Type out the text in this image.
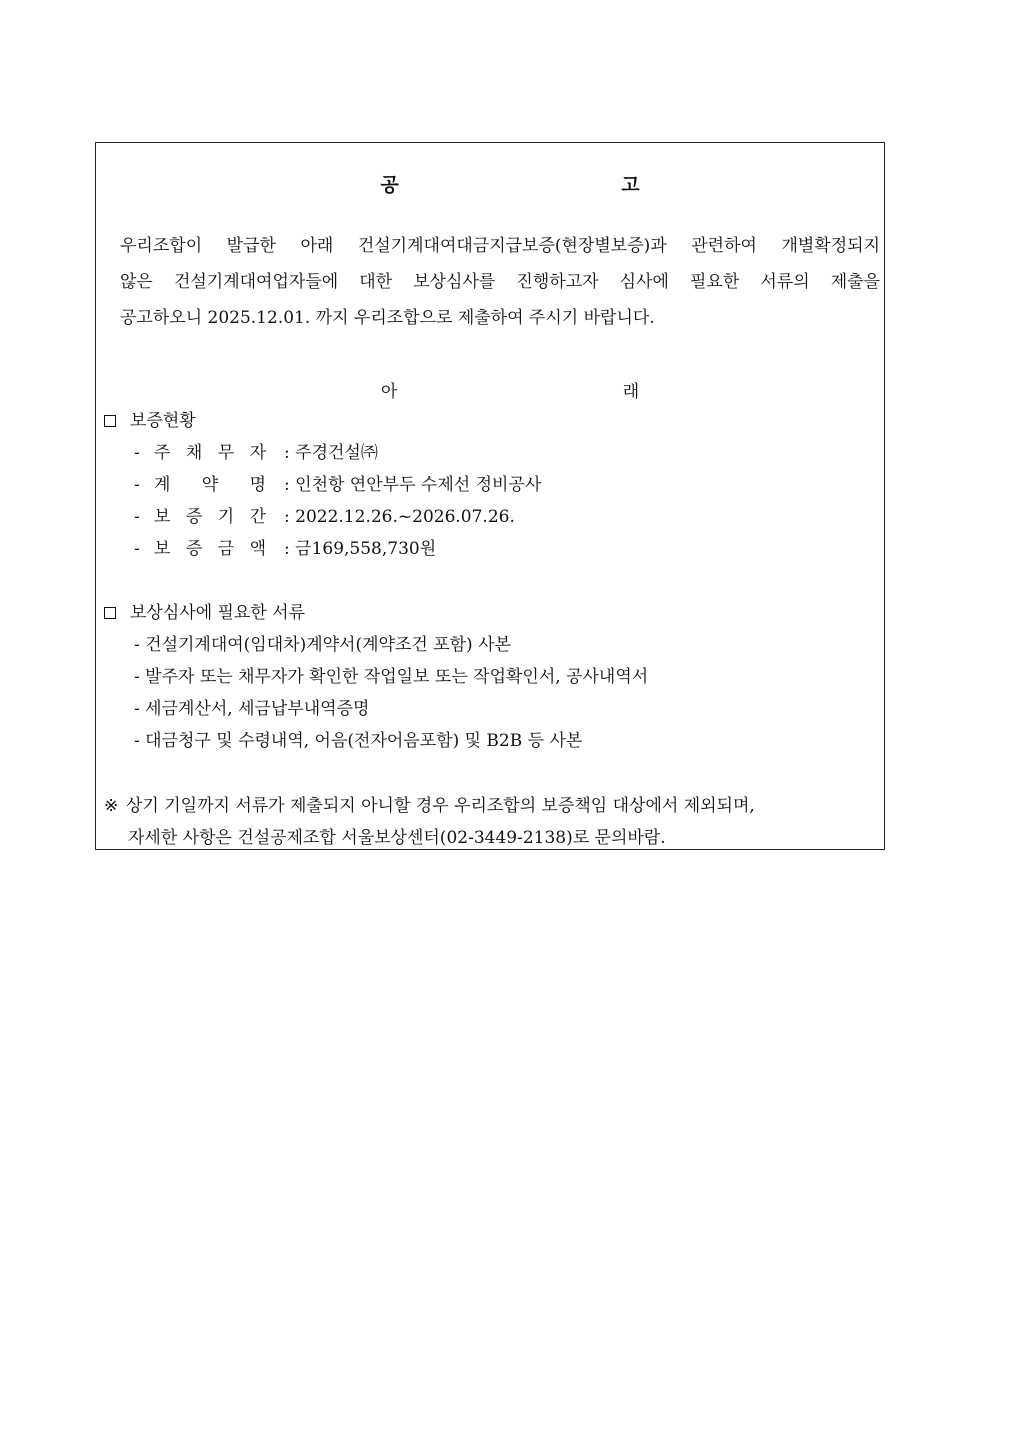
공 고
우리조합이 발급한 아래 건설기계대여대금지급보증(현장별보증)과 관련하여 개별확정되지
않은 건설기계대여업자들에 대한 보상심사를 진행하고자 심사에 필요한 서류의 제출을
공고하오니 2025.12.01. 까지 우리조합으로 제출하여 주시기 바랍니다.
아 래
보증현황
- 주 채 무 자 : 주경건설㈜
- 계 약 명 : 인천항 연안부두 수제선 정비공사
- 보 증 기 간 : 2022.12.26.~2026.07.26.
- 보 증 금 액 : 금169,558,730원
보상심사에 필요한 서류
- 건설기계대여(임대차)계약서(계약조건 포함) 사본
- 발주자 또는 채무자가 확인한 작업일보 또는 작업확인서, 공사내역서
- 세금계산서, 세금납부내역증명
- 대금청구 및 수령내역, 어음(전자어음포함) 및 B2B 등 사본
※ 상기 기일까지 서류가 제출되지 아니할 경우 우리조합의 보증책임 대상에서 제외되며,
자세한 사항은 건설공제조합 서울보상센터(02-3449-2138)로 문의바람.
